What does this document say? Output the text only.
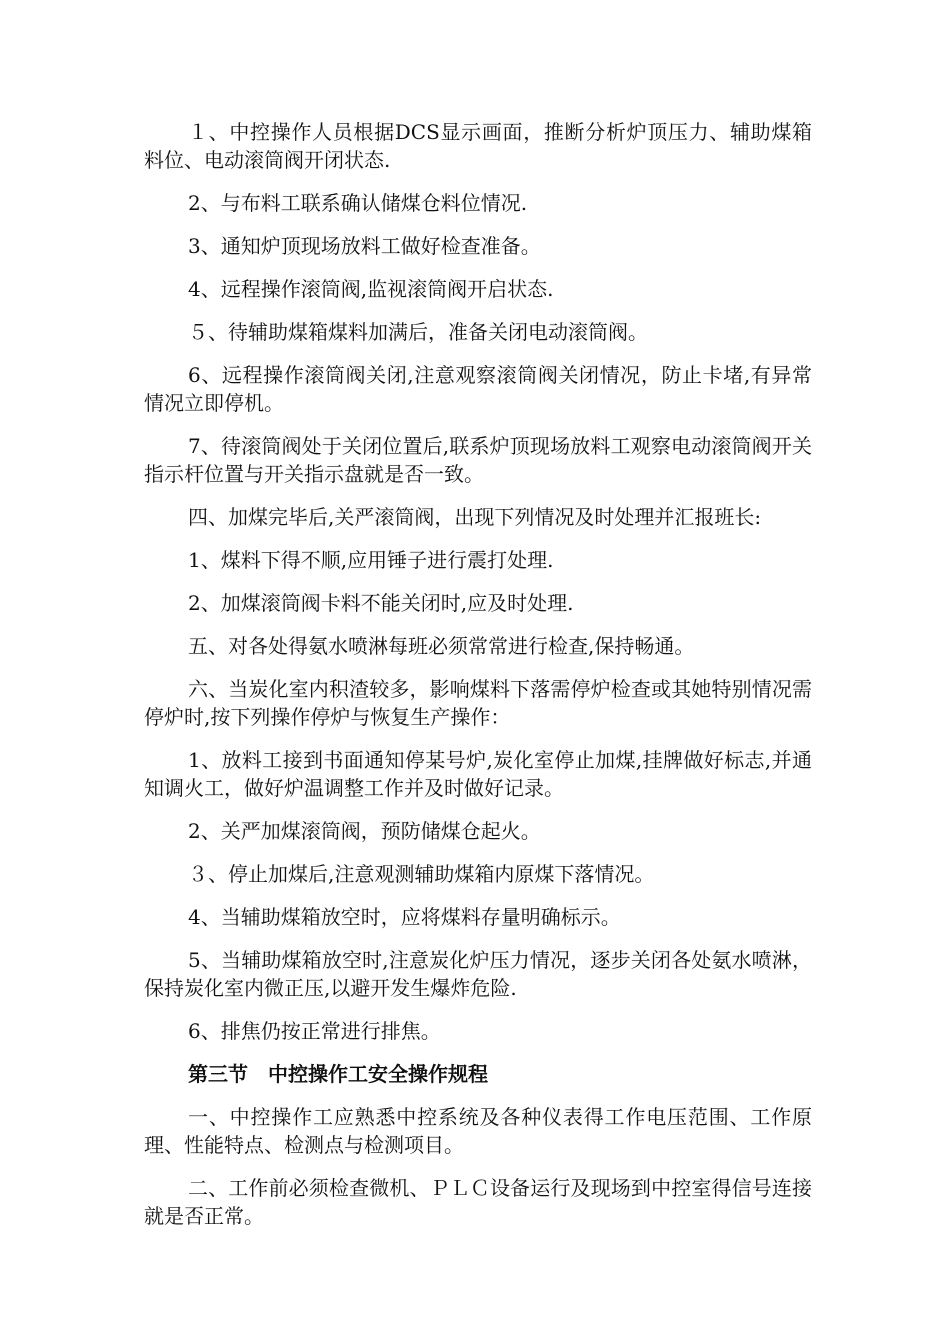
１、中控操作人员根据DCS显示画面，推断分析炉顶压力、辅助煤箱料位、电动滚筒阀开闭状态.

2、与布料工联系确认储煤仓料位情况.

3、通知炉顶现场放料工做好检查准备。

4、远程操作滚筒阀,监视滚筒阀开启状态.

５、待辅助煤箱煤料加满后，准备关闭电动滚筒阀。

6、远程操作滚筒阀关闭,注意观察滚筒阀关闭情况，防止卡堵,有异常情况立即停机。

7、待滚筒阀处于关闭位置后,联系炉顶现场放料工观察电动滚筒阀开关指示杆位置与开关指示盘就是否一致。

四、加煤完毕后,关严滚筒阀，出现下列情况及时处理并汇报班长:

1、煤料下得不顺,应用锤子进行震打处理.

2、加煤滚筒阀卡料不能关闭时,应及时处理.

五、对各处得氨水喷淋每班必须常常进行检查,保持畅通。

六、当炭化室内积渣较多，影响煤料下落需停炉检查或其她特别情况需停炉时,按下列操作停炉与恢复生产操作：

1、放料工接到书面通知停某号炉,炭化室停止加煤,挂牌做好标志,并通知调火工，做好炉温调整工作并及时做好记录。

2、关严加煤滚筒阀，预防储煤仓起火。

３、停止加煤后,注意观测辅助煤箱内原煤下落情况。

4、当辅助煤箱放空时，应将煤料存量明确标示。

5、当辅助煤箱放空时,注意炭化炉压力情况，逐步关闭各处氨水喷淋，保持炭化室内微正压,以避开发生爆炸危险.

6、排焦仍按正常进行排焦。

第三节　中控操作工安全操作规程

一、中控操作工应熟悉中控系统及各种仪表得工作电压范围、工作原理、性能特点、检测点与检测项目。

二、工作前必须检查微机、ＰＬＣ设备运行及现场到中控室得信号连接就是否正常。
